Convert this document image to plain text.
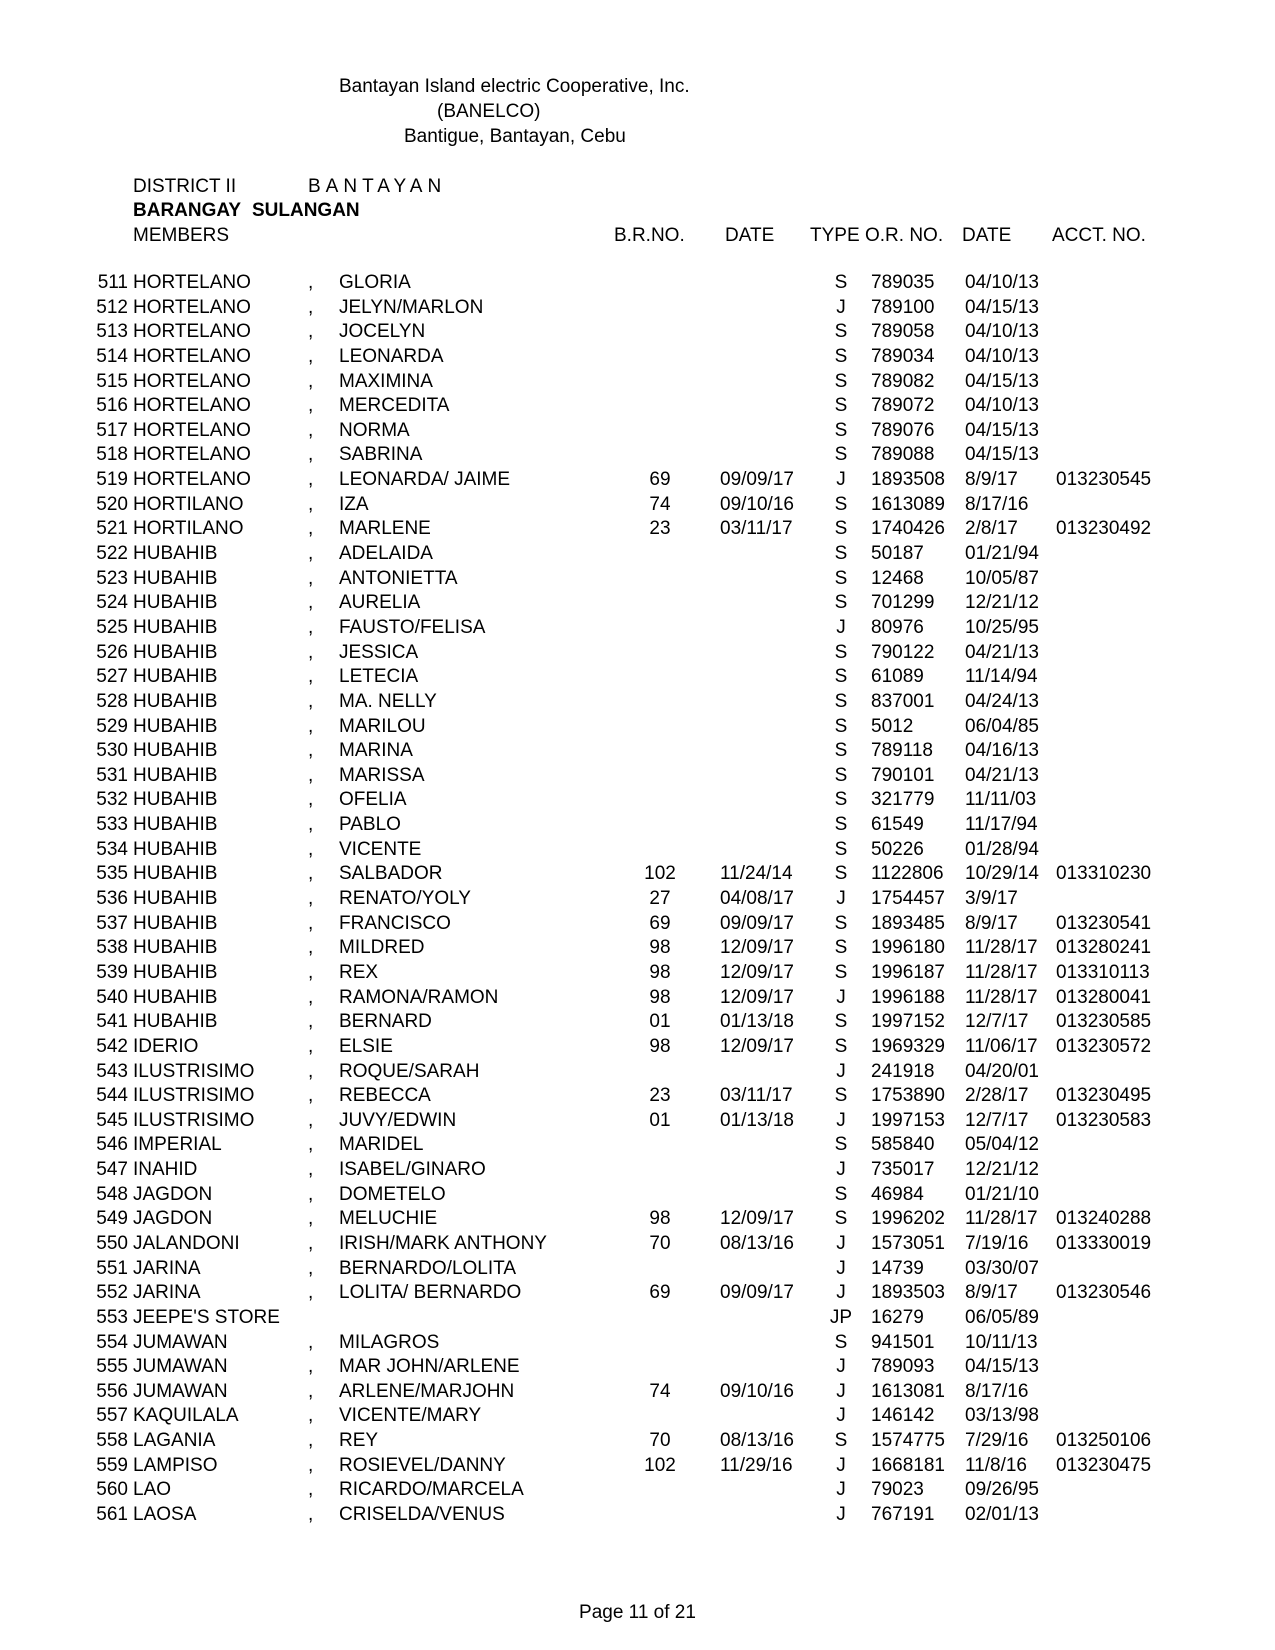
Bantayan Island electric Cooperative, Inc.
(BANELCO)
Bantigue, Bantayan, Cebu
DISTRICT II	BANTAYAN
BARANGAY SULANGAN
MEMBERS	B.R.NO. DATE TYPE O.R. NO. DATE ACCT. NO.
511 HORTELANO	, GLORIA	S	789035 04/10/13
512 HORTELANO	, JELYN/MARLON	J	789100 04/15/13
513 HORTELANO	, JOCELYN	S	789058 04/10/13
514 HORTELANO	, LEONARDA	S	789034 04/10/13
515 HORTELANO	, MAXIMINA	S	789082 04/15/13
516 HORTELANO	, MERCEDITA	S	789072 04/10/13
517 HORTELANO	, NORMA	S	789076 04/15/13
518 HORTELANO	, SABRINA	S	789088 04/15/13
519 HORTELANO	, LEONARDA/ JAIME	69	09/09/17	J	1893508 8/9/17 013230545
520 HORTILANO	, IZA	74	09/10/16	S	1613089 8/17/16
521 HORTILANO	, MARLENE	23	03/11/17	S	1740426 2/8/17 013230492
522 HUBAHIB	, ADELAIDA	S	50187 01/21/94
523 HUBAHIB	, ANTONIETTA	S	12468 10/05/87
524 HUBAHIB	, AURELIA	S	701299 12/21/12
525 HUBAHIB	, FAUSTO/FELISA	J	80976 10/25/95
526 HUBAHIB	, JESSICA	S	790122 04/21/13
527 HUBAHIB	, LETECIA	S	61089 11/14/94
528 HUBAHIB	, MA. NELLY	S	837001 04/24/13
529 HUBAHIB	, MARILOU	S	5012	06/04/85
530 HUBAHIB	, MARINA	S	789118 04/16/13
531 HUBAHIB	, MARISSA	S	790101 04/21/13
532 HUBAHIB	, OFELIA	S	321779 11/11/03
533 HUBAHIB	, PABLO	S	61549 11/17/94
534 HUBAHIB	, VICENTE	S	50226 01/28/94
535 HUBAHIB	, SALBADOR	102	11/24/14	S	1122806 10/29/14 013310230
536 HUBAHIB	, RENATO/YOLY	27	04/08/17	J	1754457 3/9/17
537 HUBAHIB	, FRANCISCO	69	09/09/17	S	1893485 8/9/17 013230541
538 HUBAHIB	, MILDRED	98	12/09/17	S	1996180 11/28/17 013280241
539 HUBAHIB	, REX	98	12/09/17	S	1996187 11/28/17 013310113
540 HUBAHIB	, RAMONA/RAMON	98	12/09/17	J	1996188 11/28/17 013280041
541 HUBAHIB	, BERNARD	01	01/13/18	S	1997152 12/7/17 013230585
542 IDERIO	, ELSIE	98	12/09/17	S	1969329 11/06/17 013230572
543 ILUSTRISIMO	, ROQUE/SARAH	J	241918 04/20/01
544 ILUSTRISIMO	, REBECCA	23	03/11/17	S	1753890 2/28/17 013230495
545 ILUSTRISIMO	, JUVY/EDWIN	01	01/13/18	J	1997153 12/7/17 013230583
546 IMPERIAL	, MARIDEL	S	585840 05/04/12
547 INAHID	, ISABEL/GINARO	J	735017 12/21/12
548 JAGDON	, DOMETELO	S	46984 01/21/10
549 JAGDON	, MELUCHIE	98	12/09/17	S	1996202 11/28/17 013240288
550 JALANDONI	, IRISH/MARK ANTHONY	70	08/13/16	J	1573051 7/19/16 013330019
551 JARINA	, BERNARDO/LOLITA	J	14739 03/30/07
552 JARINA	, LOLITA/ BERNARDO	69	09/09/17	J	1893503 8/9/17 013230546
553 JEEPE'S STORE	JP 16279 06/05/89
554 JUMAWAN	, MILAGROS	S	941501 10/11/13
555 JUMAWAN	, MAR JOHN/ARLENE	J	789093 04/15/13
556 JUMAWAN	, ARLENE/MARJOHN	74	09/10/16	J	1613081 8/17/16
557 KAQUILALA	, VICENTE/MARY	J	146142 03/13/98
558 LAGANIA	, REY	70	08/13/16	S	1574775 7/29/16 013250106
559 LAMPISO	, ROSIEVEL/DANNY	102	11/29/16	J	1668181 11/8/16 013230475
560 LAO	, RICARDO/MARCELA	J	79023 09/26/95
561 LAOSA	, CRISELDA/VENUS	J	767191 02/01/13
Page 11 of 21
